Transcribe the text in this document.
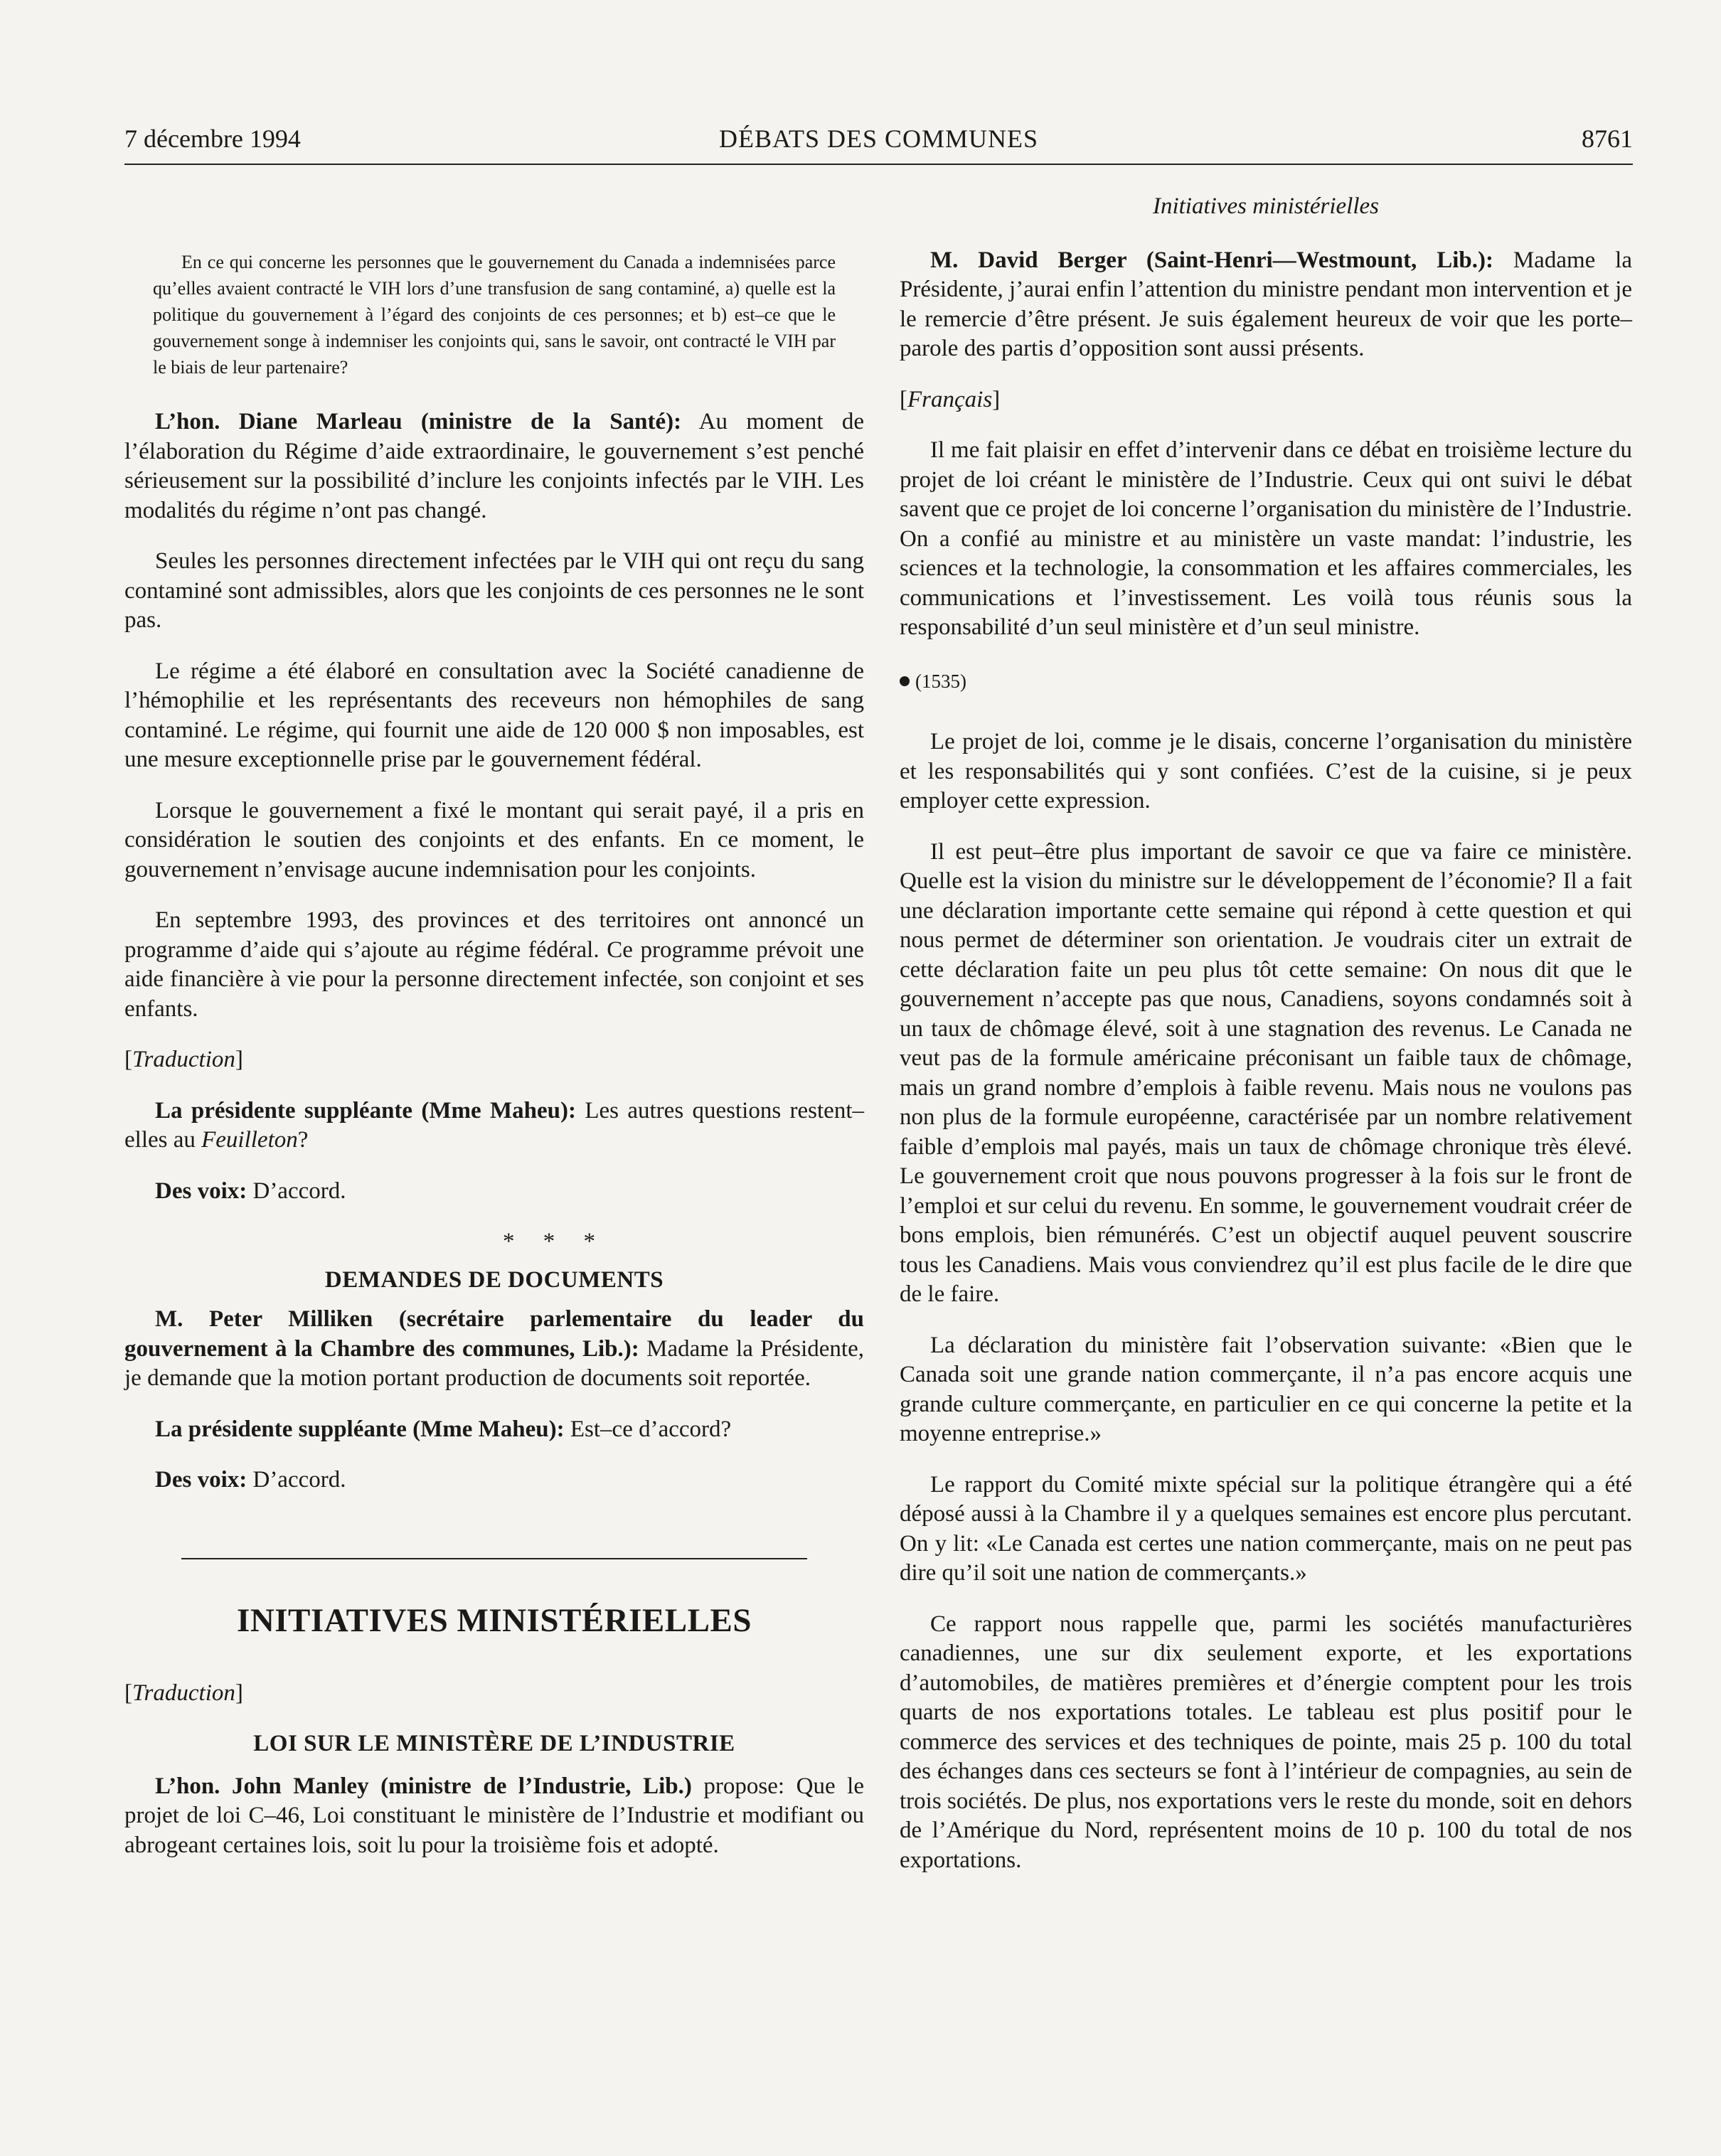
7 décembre 1994	DÉBATS DES COMMUNES	8761

En ce qui concerne les personnes que le gouvernement du Canada a indemnisées parce qu’elles avaient contracté le VIH lors d’une transfusion de sang contaminé, a) quelle est la politique du gouvernement à l’égard des conjoints de ces personnes; et b) est–ce que le gouvernement songe à indemniser les conjoints qui, sans le savoir, ont contracté le VIH par le biais de leur partenaire?

L’hon. Diane Marleau (ministre de la Santé): Au moment de l’élaboration du Régime d’aide extraordinaire, le gouvernement s’est penché sérieusement sur la possibilité d’inclure les conjoints infectés par le VIH. Les modalités du régime n’ont pas changé.

Seules les personnes directement infectées par le VIH qui ont reçu du sang contaminé sont admissibles, alors que les conjoints de ces personnes ne le sont pas.

Le régime a été élaboré en consultation avec la Société canadienne de l’hémophilie et les représentants des receveurs non hémophiles de sang contaminé. Le régime, qui fournit une aide de 120 000 $ non imposables, est une mesure exceptionnelle prise par le gouvernement fédéral.

Lorsque le gouvernement a fixé le montant qui serait payé, il a pris en considération le soutien des conjoints et des enfants. En ce moment, le gouvernement n’envisage aucune indemnisation pour les conjoints.

En septembre 1993, des provinces et des territoires ont annoncé un programme d’aide qui s’ajoute au régime fédéral. Ce programme prévoit une aide financière à vie pour la personne directement infectée, son conjoint et ses enfants.

[Traduction]

La présidente suppléante (Mme Maheu): Les autres questions restent–elles au Feuilleton?

Des voix: D’accord.

* * *

DEMANDES DE DOCUMENTS

M. Peter Milliken (secrétaire parlementaire du leader du gouvernement à la Chambre des communes, Lib.): Madame la Présidente, je demande que la motion portant production de documents soit reportée.

La présidente suppléante (Mme Maheu): Est–ce d’accord?

Des voix: D’accord.

INITIATIVES MINISTÉRIELLES

[Traduction]

LOI SUR LE MINISTÈRE DE L’INDUSTRIE

L’hon. John Manley (ministre de l’Industrie, Lib.) propose: Que le projet de loi C–46, Loi constituant le ministère de l’Industrie et modifiant ou abrogeant certaines lois, soit lu pour la troisième fois et adopté.

Initiatives ministérielles

M. David Berger (Saint-Henri—Westmount, Lib.): Madame la Présidente, j’aurai enfin l’attention du ministre pendant mon intervention et je le remercie d’être présent. Je suis également heureux de voir que les porte–parole des partis d’opposition sont aussi présents.

[Français]

Il me fait plaisir en effet d’intervenir dans ce débat en troisième lecture du projet de loi créant le ministère de l’Industrie. Ceux qui ont suivi le débat savent que ce projet de loi concerne l’organisation du ministère de l’Industrie. On a confié au ministre et au ministère un vaste mandat: l’industrie, les sciences et la technologie, la consommation et les affaires commerciales, les communications et l’investissement. Les voilà tous réunis sous la responsabilité d’un seul ministère et d’un seul ministre.

(1535)

Le projet de loi, comme je le disais, concerne l’organisation du ministère et les responsabilités qui y sont confiées. C’est de la cuisine, si je peux employer cette expression.

Il est peut–être plus important de savoir ce que va faire ce ministère. Quelle est la vision du ministre sur le développement de l’économie? Il a fait une déclaration importante cette semaine qui répond à cette question et qui nous permet de déterminer son orientation. Je voudrais citer un extrait de cette déclaration faite un peu plus tôt cette semaine: On nous dit que le gouvernement n’accepte pas que nous, Canadiens, soyons condamnés soit à un taux de chômage élevé, soit à une stagnation des revenus. Le Canada ne veut pas de la formule américaine préconisant un faible taux de chômage, mais un grand nombre d’emplois à faible revenu. Mais nous ne voulons pas non plus de la formule européenne, caractérisée par un nombre relativement faible d’emplois mal payés, mais un taux de chômage chronique très élevé. Le gouvernement croit que nous pouvons progresser à la fois sur le front de l’emploi et sur celui du revenu. En somme, le gouvernement voudrait créer de bons emplois, bien rémunérés. C’est un objectif auquel peuvent souscrire tous les Canadiens. Mais vous conviendrez qu’il est plus facile de le dire que de le faire.

La déclaration du ministère fait l’observation suivante: «Bien que le Canada soit une grande nation commerçante, il n’a pas encore acquis une grande culture commerçante, en particulier en ce qui concerne la petite et la moyenne entreprise.»

Le rapport du Comité mixte spécial sur la politique étrangère qui a été déposé aussi à la Chambre il y a quelques semaines est encore plus percutant. On y lit: «Le Canada est certes une nation commerçante, mais on ne peut pas dire qu’il soit une nation de commerçants.»

Ce rapport nous rappelle que, parmi les sociétés manufacturières canadiennes, une sur dix seulement exporte, et les exportations d’automobiles, de matières premières et d’énergie comptent pour les trois quarts de nos exportations totales. Le tableau est plus positif pour le commerce des services et des techniques de pointe, mais 25 p. 100 du total des échanges dans ces secteurs se font à l’intérieur de compagnies, au sein de trois sociétés. De plus, nos exportations vers le reste du monde, soit en dehors de l’Amérique du Nord, représentent moins de 10 p. 100 du total de nos exportations.
